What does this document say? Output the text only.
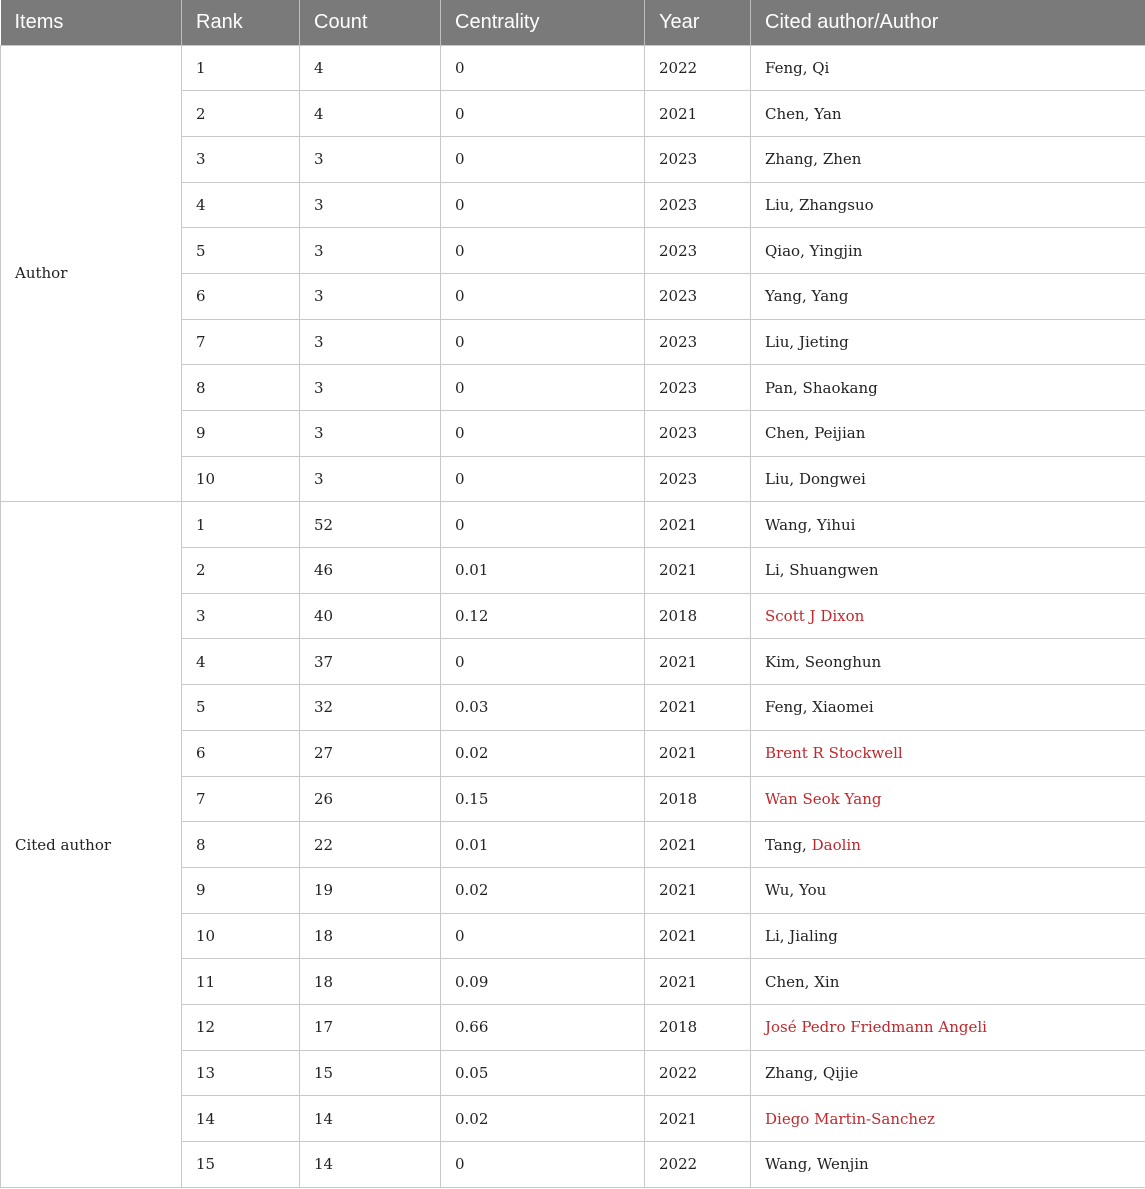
Items	Rank	Count	Centrality	Year	Cited author/Author
Author	1	4	0	2022	Feng, Qi
	2	4	0	2021	Chen, Yan
	3	3	0	2023	Zhang, Zhen
	4	3	0	2023	Liu, Zhangsuo
	5	3	0	2023	Qiao, Yingjin
	6	3	0	2023	Yang, Yang
	7	3	0	2023	Liu, Jieting
	8	3	0	2023	Pan, Shaokang
	9	3	0	2023	Chen, Peijian
	10	3	0	2023	Liu, Dongwei
Cited author	1	52	0	2021	Wang, Yihui
	2	46	0.01	2021	Li, Shuangwen
	3	40	0.12	2018	Scott J Dixon
	4	37	0	2021	Kim, Seonghun
	5	32	0.03	2021	Feng, Xiaomei
	6	27	0.02	2021	Brent R Stockwell
	7	26	0.15	2018	Wan Seok Yang
	8	22	0.01	2021	Tang, Daolin
	9	19	0.02	2021	Wu, You
	10	18	0	2021	Li, Jialing
	11	18	0.09	2021	Chen, Xin
	12	17	0.66	2018	José Pedro Friedmann Angeli
	13	15	0.05	2022	Zhang, Qijie
	14	14	0.02	2021	Diego Martin-Sanchez
	15	14	0	2022	Wang, Wenjin
